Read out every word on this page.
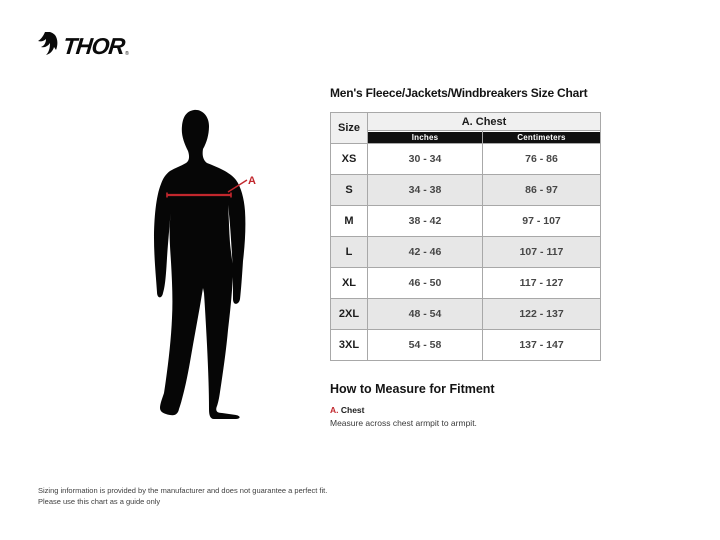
THOR ®
A
Men's Fleece/Jackets/Windbreakers Size Chart
Size	A. Chest	

	Inches	Centimeters

XS	30 - 34	76 - 86
S	34 - 38	86 - 97
M	38 - 42	97 - 107
L	42 - 46	107 - 117
XL	46 - 50	117 - 127
2XL	48 - 54	122 - 137
3XL	54 - 58	137 - 147
How to Measure for Fitment
A. Chest
Measure across chest armpit to armpit.
Sizing information is provided by the manufacturer and does not guarantee a perfect fit.
Please use this chart as a guide only
